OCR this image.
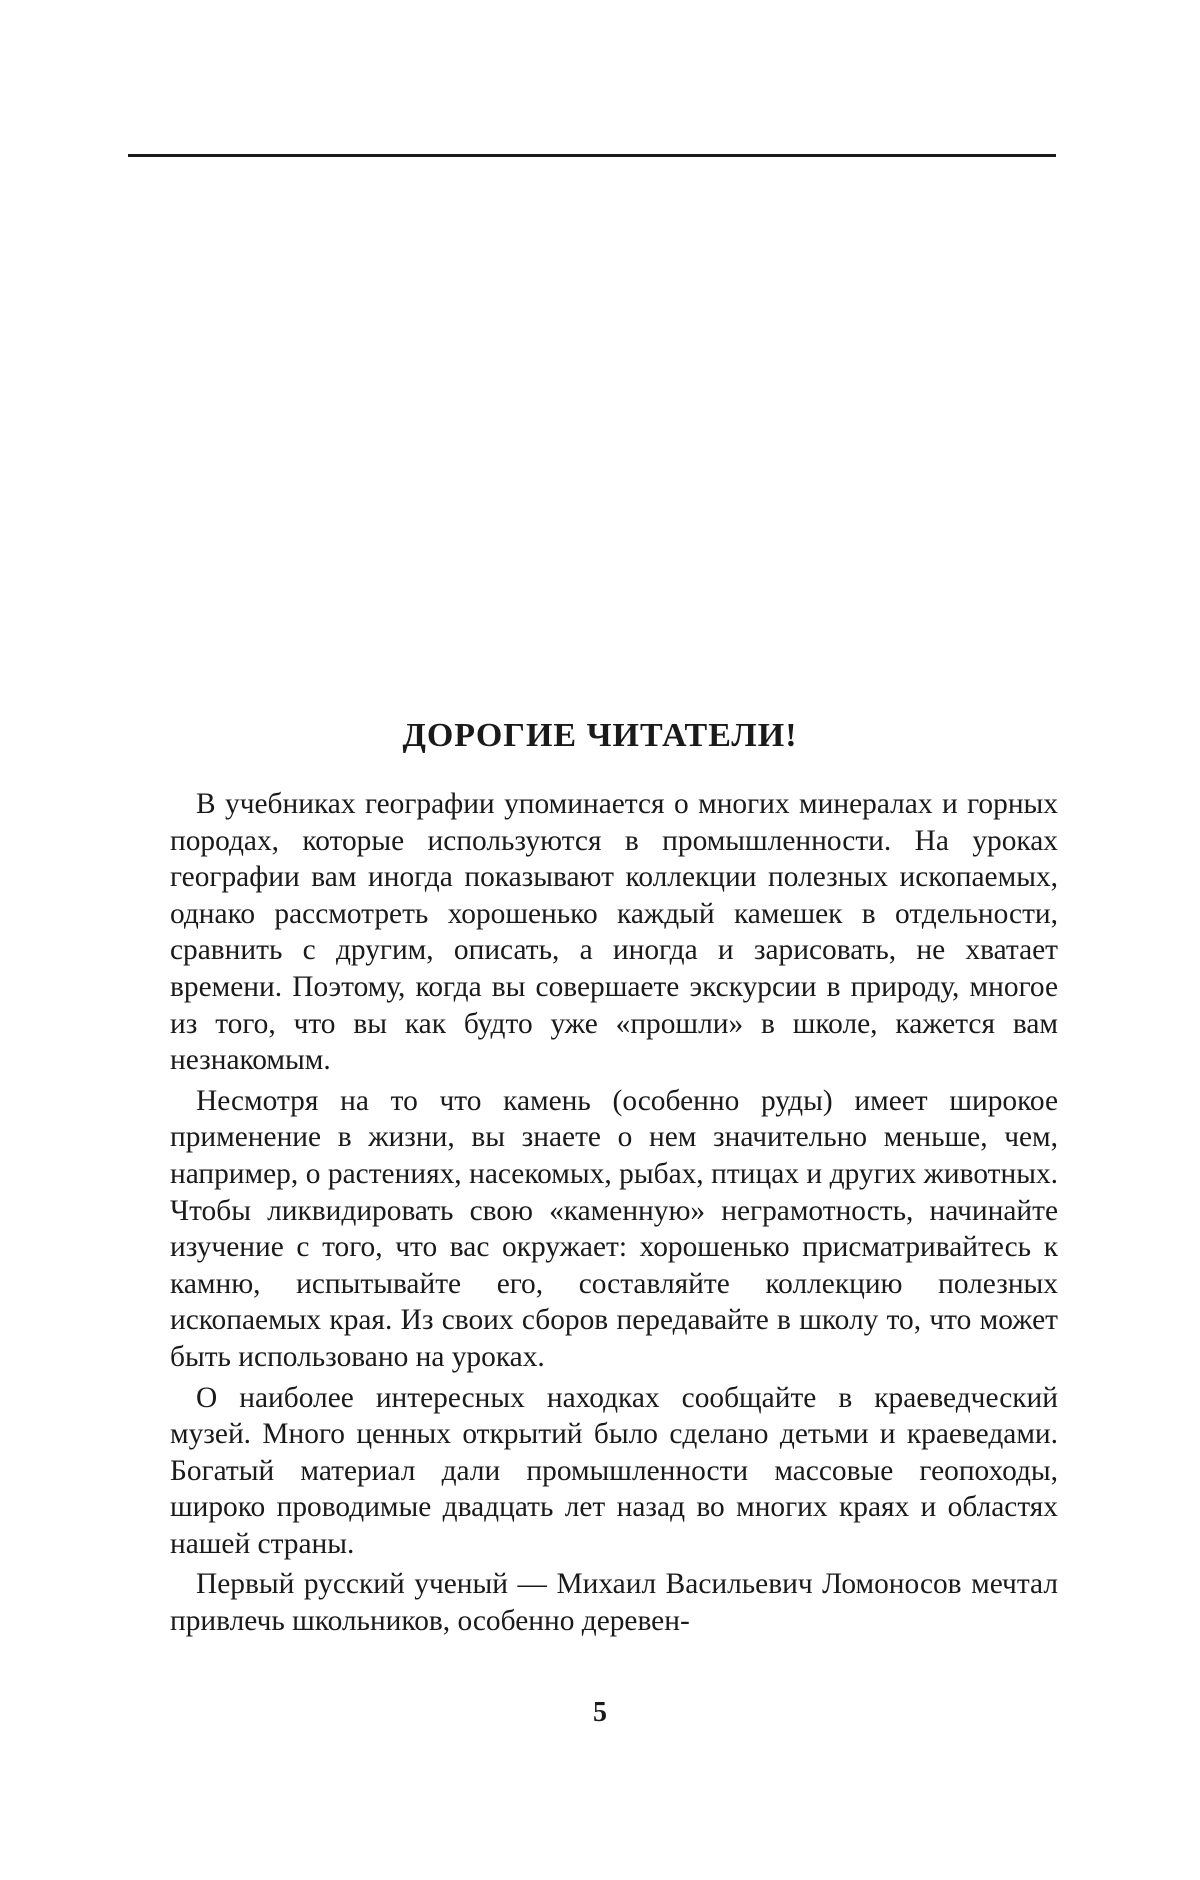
ДОРОГИЕ ЧИТАТЕЛИ!

В учебниках географии упоминается о многих минералах и горных породах, которые используются в промышленности. На уроках географии вам иногда показывают коллекции полезных ископаемых, однако рассмотреть хорошенько каждый камешек в отдельности, сравнить с другим, описать, а иногда и зарисовать, не хватает времени. Поэтому, когда вы совершаете экскурсии в природу, многое из того, что вы как будто уже «прошли» в школе, кажется вам незнакомым.

Несмотря на то что камень (особенно руды) имеет широкое применение в жизни, вы знаете о нем значительно меньше, чем, например, о растениях, насекомых, рыбах, птицах и других животных. Чтобы ликвидировать свою «каменную» неграмотность, начинайте изучение с того, что вас окружает: хорошенько присматривайтесь к камню, испытывайте его, составляйте коллекцию полезных ископаемых края. Из своих сборов передавайте в школу то, что может быть использовано на уроках.

О наиболее интересных находках сообщайте в краеведческий музей. Много ценных открытий было сделано детьми и краеведами. Богатый материал дали промышленности массовые геопоходы, широко проводимые двадцать лет назад во многих краях и областях нашей страны.

Первый русский ученый — Михаил Васильевич Ломоносов мечтал привлечь школьников, особенно деревен-

5
